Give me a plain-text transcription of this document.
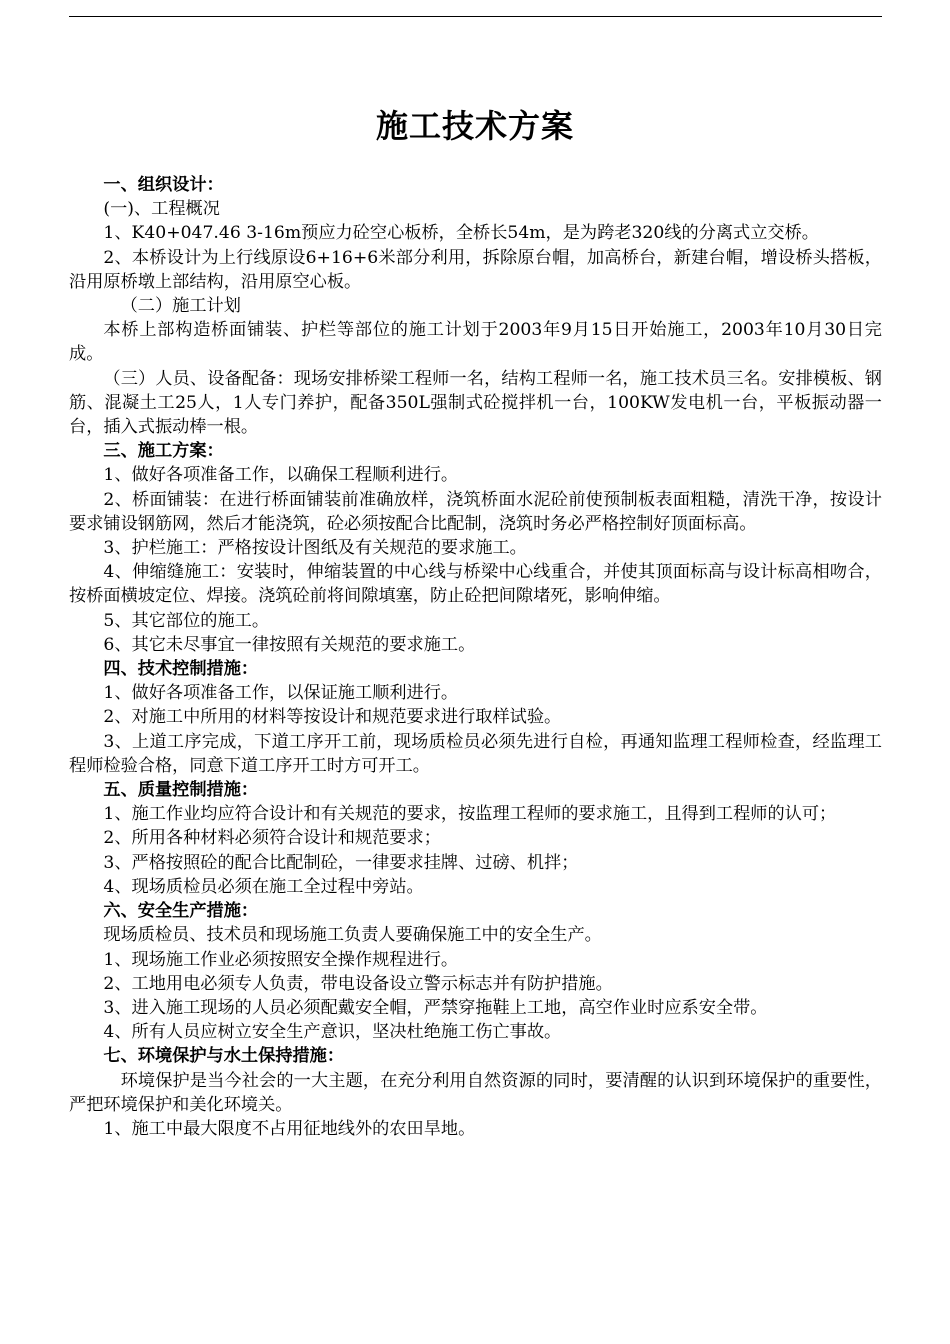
施工技术方案

一、组织设计：

(一)、工程概况

1、K40+047.46 3-16m预应力砼空心板桥，全桥长54m，是为跨老320线的分离式立交桥。

2、本桥设计为上行线原设6+16+6米部分利用，拆除原台帽，加高桥台，新建台帽，增设桥头搭板，沿用原桥墩上部结构，沿用原空心板。

（二）施工计划

本桥上部构造桥面铺装、护栏等部位的施工计划于2003年9月15日开始施工，2003年10月30日完成。

（三）人员、设备配备：现场安排桥梁工程师一名，结构工程师一名，施工技术员三名。安排模板、钢筋、混凝土工25人，1人专门养护，配备350L强制式砼搅拌机一台，100KW发电机一台，平板振动器一台，插入式振动棒一根。

三、施工方案：

1、做好各项准备工作，以确保工程顺利进行。

2、桥面铺装：在进行桥面铺装前准确放样，浇筑桥面水泥砼前使预制板表面粗糙，清洗干净，按设计要求铺设钢筋网，然后才能浇筑，砼必须按配合比配制，浇筑时务必严格控制好顶面标高。

3、护栏施工：严格按设计图纸及有关规范的要求施工。

4、伸缩缝施工：安装时，伸缩装置的中心线与桥梁中心线重合，并使其顶面标高与设计标高相吻合，按桥面横坡定位、焊接。浇筑砼前将间隙填塞，防止砼把间隙堵死，影响伸缩。

5、其它部位的施工。

6、其它未尽事宜一律按照有关规范的要求施工。

四、技术控制措施：

1、做好各项准备工作，以保证施工顺利进行。

2、对施工中所用的材料等按设计和规范要求进行取样试验。

3、上道工序完成，下道工序开工前，现场质检员必须先进行自检，再通知监理工程师检查，经监理工程师检验合格，同意下道工序开工时方可开工。

五、质量控制措施：

1、施工作业均应符合设计和有关规范的要求，按监理工程师的要求施工，且得到工程师的认可；

2、所用各种材料必须符合设计和规范要求；

3、严格按照砼的配合比配制砼，一律要求挂牌、过磅、机拌；

4、现场质检员必须在施工全过程中旁站。

六、安全生产措施：

现场质检员、技术员和现场施工负责人要确保施工中的安全生产。

1、现场施工作业必须按照安全操作规程进行。

2、工地用电必须专人负责，带电设备设立警示标志并有防护措施。

3、进入施工现场的人员必须配戴安全帽，严禁穿拖鞋上工地，高空作业时应系安全带。

4、所有人员应树立安全生产意识，坚决杜绝施工伤亡事故。

七、环境保护与水土保持措施：

环境保护是当今社会的一大主题，在充分利用自然资源的同时，要清醒的认识到环境保护的重要性，严把环境保护和美化环境关。

1、施工中最大限度不占用征地线外的农田旱地。
